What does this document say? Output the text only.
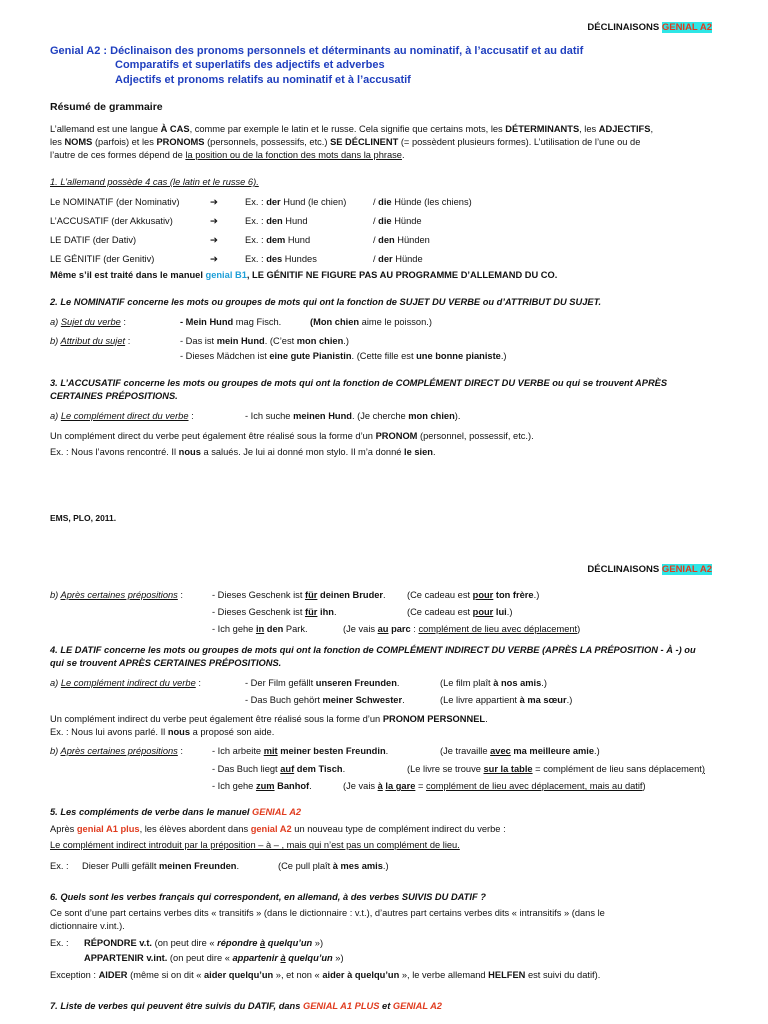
DÉCLINAISONS GENIAL A2
Genial A2 : Déclinaison des pronoms personnels et déterminants au nominatif, à l’accusatif et au datif
Comparatifs et superlatifs des adjectifs et adverbes
Adjectifs et pronoms relatifs au nominatif et à l’accusatif
Résumé de grammaire
L’allemand est une langue À CAS, comme par exemple le latin et le russe. Cela signifie que certains mots, les DÉTERMINANTS, les ADJECTIFS,
les NOMS (parfois) et les PRONOMS (personnels, possessifs, etc.) SE DÉCLINENT (= possèdent plusieurs formes). L’utilisation de l’une ou de
l’autre de ces formes dépend de la position ou de la fonction des mots dans la phrase.
1. L’allemand possède 4 cas (le latin et le russe 6).
Le NOMINATIF (der Nominativ)	➔	Ex. : der Hund (le chien)	/ die Hünde (les chiens)
L’ACCUSATIF (der Akkusativ)	➔	Ex. : den Hund	/ die Hünde
LE DATIF (der Dativ)	➔	Ex. : dem Hund	/ den Hünden
LE GÉNITIF (der Genitiv)	➔	Ex. : des Hundes	/ der Hünde
Même s’il est traité dans le manuel genial B1, LE GÉNITIF NE FIGURE PAS AU PROGRAMME D’ALLEMAND DU CO.
2. Le NOMINATIF concerne les mots ou groupes de mots qui ont la fonction de SUJET DU VERBE ou d’ATTRIBUT DU SUJET.
a) Sujet du verbe :	- Mein Hund mag Fisch.	(Mon chien aime le poisson.)
b) Attribut du sujet :	- Das ist mein Hund. (C’est mon chien.)
- Dieses Mädchen ist eine gute Pianistin. (Cette fille est une bonne pianiste.)
3. L’ACCUSATIF concerne les mots ou groupes de mots qui ont la fonction de COMPLÉMENT DIRECT DU VERBE ou qui se trouvent APRÈS
CERTAINES PRÉPOSITIONS.
a) Le complément direct du verbe :	- Ich suche meinen Hund. (Je cherche mon chien).
Un complément direct du verbe peut également être réalisé sous la forme d’un PRONOM (personnel, possessif, etc.).
Ex. : Nous l’avons rencontré. Il nous a salués. Je lui ai donné mon stylo. Il m’a donné le sien.
EMS, PLO, 2011.
DÉCLINAISONS GENIAL A2
b) Après certaines prépositions :	- Dieses Geschenk ist für deinen Bruder. (Ce cadeau est pour ton frère.)
- Dieses Geschenk ist für ihn.	(Ce cadeau est pour lui.)
- Ich gehe in den Park.	(Je vais au parc : complément de lieu avec déplacement)
4. LE DATIF concerne les mots ou groupes de mots qui ont la fonction de COMPLÉMENT INDIRECT DU VERBE (APRÈS LA PRÉPOSITION - À -) ou
qui se trouvent APRÈS CERTAINES PRÉPOSITIONS.
a) Le complément indirect du verbe :	- Der Film gefällt unseren Freunden.	(Le film plaît à nos amis.)
- Das Buch gehört meiner Schwester.	(Le livre appartient à ma sœur.)
Un complément indirect du verbe peut également être réalisé sous la forme d’un PRONOM PERSONNEL.
Ex. : Nous lui avons parlé. Il nous a proposé son aide.
b) Après certaines prépositions :	- Ich arbeite mit meiner besten Freundin.	(Je travaille avec ma meilleure amie.)
- Das Buch liegt auf dem Tisch.	(Le livre se trouve sur la table = complément de lieu sans déplacement)
- Ich gehe zum Banhof.	(Je vais à la gare = complément de lieu avec déplacement, mais au datif)
5. Les compléments de verbe dans le manuel GENIAL A2
Après genial A1 plus, les élèves abordent dans genial A2 un nouveau type de complément indirect du verbe :
Le complément indirect introduit par la préposition – à – , mais qui n’est pas un complément de lieu.
Ex. : Dieser Pulli gefällt meinen Freunden.	(Ce pull plaît à mes amis.)
6. Quels sont les verbes français qui correspondent, en allemand, à des verbes SUIVIS DU DATIF ?
Ce sont d’une part certains verbes dits « transitifs » (dans le dictionnaire : v.t.), d’autres part certains verbes dits « intransitifs » (dans le
dictionnaire v.int.).
Ex. : RÉPONDRE v.t. (on peut dire « répondre à quelqu’un »)
APPARTENIR v.int. (on peut dire « appartenir à quelqu’un »)
Exception : AIDER (même si on dit « aider quelqu’un », et non « aider à quelqu’un », le verbe allemand HELFEN est suivi du datif).
7. Liste de verbes qui peuvent être suivis du DATIF, dans GENIAL A1 PLUS et GENIAL A2
